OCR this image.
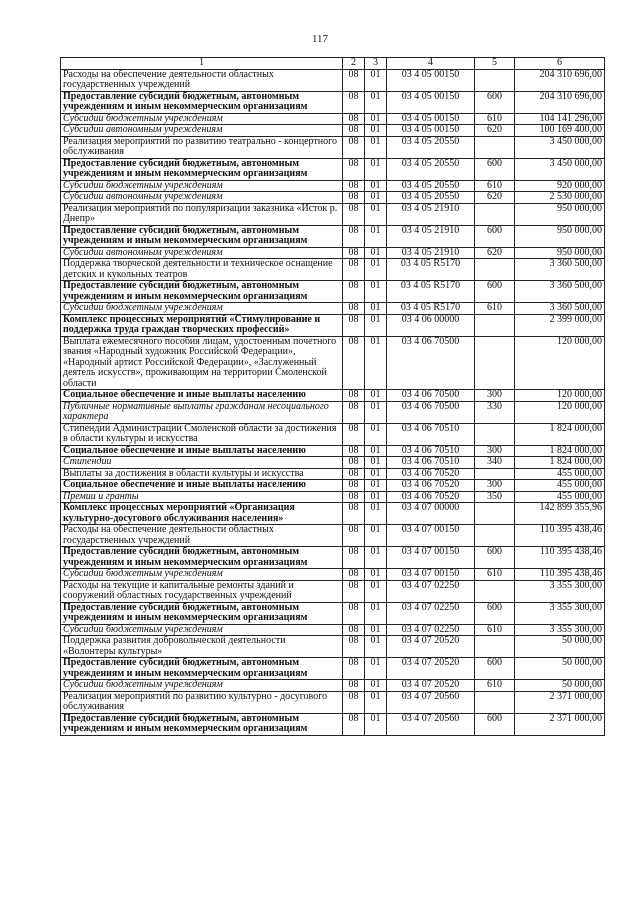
117
1	2	3	4	5	6
Расходы на обеспечение деятельности областных государственных учреждений	08	01	03 4 05 00150		204 310 696,00
Предоставление субсидий бюджетным, автономным учреждениям и иным некоммерческим организациям	08	01	03 4 05 00150	600	204 310 696,00
Субсидии бюджетным учреждениям	08	01	03 4 05 00150	610	104 141 296,00
Субсидии автономным учреждениям	08	01	03 4 05 00150	620	100 169 400,00
Реализация мероприятий по развитию театрально - концертного обслуживания	08	01	03 4 05 20550		3 450 000,00
Предоставление субсидий бюджетным, автономным учреждениям и иным некоммерческим организациям	08	01	03 4 05 20550	600	3 450 000,00
Субсидии бюджетным учреждениям	08	01	03 4 05 20550	610	920 000,00
Субсидии автономным учреждениям	08	01	03 4 05 20550	620	2 530 000,00
Реализация мероприятий по популяризации заказника «Исток р. Днепр»	08	01	03 4 05 21910		950 000,00
Предоставление субсидий бюджетным, автономным учреждениям и иным некоммерческим организациям	08	01	03 4 05 21910	600	950 000,00
Субсидии автономным учреждениям	08	01	03 4 05 21910	620	950 000,00
Поддержка творческой деятельности и техническое оснащение детских и кукольных театров	08	01	03 4 05 R5170		3 360 500,00
Предоставление субсидий бюджетным, автономным учреждениям и иным некоммерческим организациям	08	01	03 4 05 R5170	600	3 360 500,00
Субсидии бюджетным учреждениям	08	01	03 4 05 R5170	610	3 360 500,00
Комплекс процессных мероприятий «Стимулирование и поддержка труда граждан творческих профессий»	08	01	03 4 06 00000		2 399 000,00
Выплата ежемесячного пособия лицам, удостоенным почетного звания «Народный художник Российской Федерации», «Народный артист Российской Федерации», «Заслуженный деятель искусств», проживающим на территории Смоленской области	08	01	03 4 06 70500		120 000,00
Социальное обеспечение и иные выплаты населению	08	01	03 4 06 70500	300	120 000,00
Публичные нормативные выплаты гражданам несоциального характера	08	01	03 4 06 70500	330	120 000,00
Стипендии Администрации Смоленской области за достижения в области культуры и искусства	08	01	03 4 06 70510		1 824 000,00
Социальное обеспечение и иные выплаты населению	08	01	03 4 06 70510	300	1 824 000,00
Стипендии	08	01	03 4 06 70510	340	1 824 000,00
Выплаты за достижения в области культуры и искусства	08	01	03 4 06 70520		455 000,00
Социальное обеспечение и иные выплаты населению	08	01	03 4 06 70520	300	455 000,00
Премии и гранты	08	01	03 4 06 70520	350	455 000,00
Комплекс процессных мероприятий «Организация культурно-досугового обслуживания населения»	08	01	03 4 07 00000		142 899 355,96
Расходы на обеспечение деятельности областных государственных учреждений	08	01	03 4 07 00150		110 395 438,46
Предоставление субсидий бюджетным, автономным учреждениям и иным некоммерческим организациям	08	01	03 4 07 00150	600	110 395 438,46
Субсидии бюджетным учреждениям	08	01	03 4 07 00150	610	110 395 438,46
Расходы на текущие и капитальные ремонты зданий и сооружений областных государственных учреждений	08	01	03 4 07 02250		3 355 300,00
Предоставление субсидий бюджетным, автономным учреждениям и иным некоммерческим организациям	08	01	03 4 07 02250	600	3 355 300,00
Субсидии бюджетным учреждениям	08	01	03 4 07 02250	610	3 355 300,00
Поддержка развития добровольческой деятельности «Волонтеры культуры»	08	01	03 4 07 20520		50 000,00
Предоставление субсидий бюджетным, автономным учреждениям и иным некоммерческим организациям	08	01	03 4 07 20520	600	50 000,00
Субсидии бюджетным учреждениям	08	01	03 4 07 20520	610	50 000,00
Реализация мероприятий по развитию культурно - досугового обслуживания	08	01	03 4 07 20560		2 371 000,00
Предоставление субсидий бюджетным, автономным учреждениям и иным некоммерческим организациям	08	01	03 4 07 20560	600	2 371 000,00
